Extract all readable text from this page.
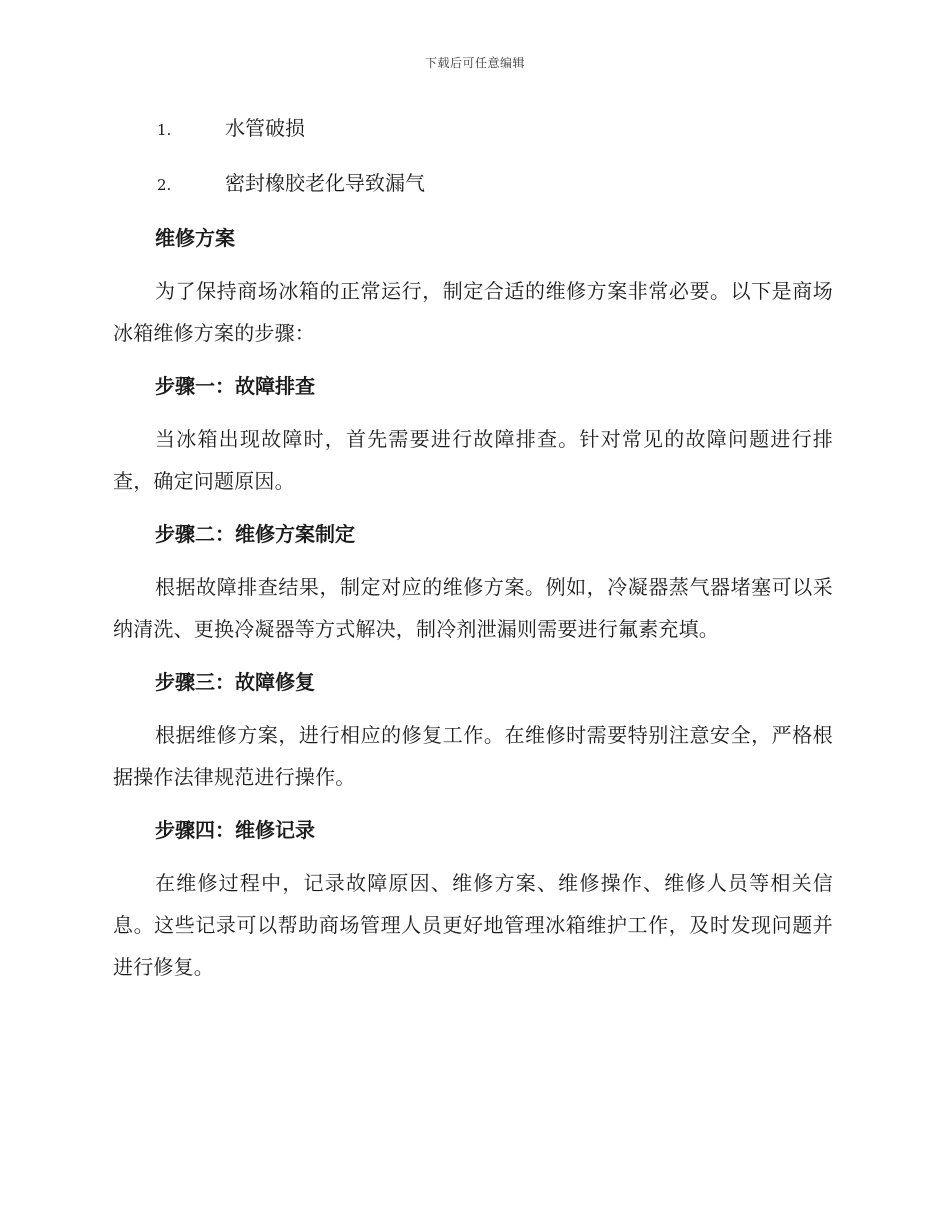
下载后可任意编辑
1.	水管破损
2.	密封橡胶老化导致漏气
维修方案

为了保持商场冰箱的正常运行，制定合适的维修方案非常必要。以下是商场冰箱维修方案的步骤：

步骤一：故障排查

当冰箱出现故障时，首先需要进行故障排查。针对常见的故障问题进行排查，确定问题原因。

步骤二：维修方案制定

根据故障排查结果，制定对应的维修方案。例如，冷凝器蒸气器堵塞可以采纳清洗、更换冷凝器等方式解决，制冷剂泄漏则需要进行氟素充填。

步骤三：故障修复

根据维修方案，进行相应的修复工作。在维修时需要特别注意安全，严格根据操作法律规范进行操作。

步骤四：维修记录

在维修过程中，记录故障原因、维修方案、维修操作、维修人员等相关信息。这些记录可以帮助商场管理人员更好地管理冰箱维护工作，及时发现问题并进行修复。
